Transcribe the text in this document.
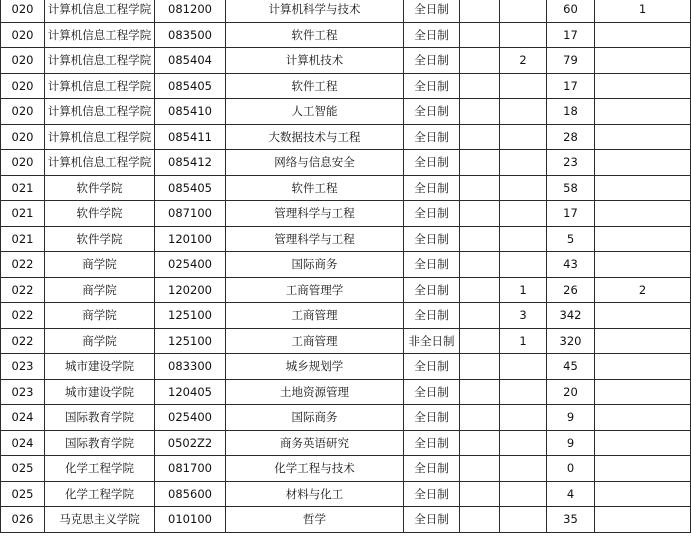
020	计算机信息工程学院	081200	计算机科学与技术	全日制			60	1
020	计算机信息工程学院	083500	软件工程	全日制			17	
020	计算机信息工程学院	085404	计算机技术	全日制		2	79	
020	计算机信息工程学院	085405	软件工程	全日制			17	
020	计算机信息工程学院	085410	人工智能	全日制			18	
020	计算机信息工程学院	085411	大数据技术与工程	全日制			28	
020	计算机信息工程学院	085412	网络与信息安全	全日制			23	
021	软件学院	085405	软件工程	全日制			58	
021	软件学院	087100	管理科学与工程	全日制			17	
021	软件学院	120100	管理科学与工程	全日制			5	
022	商学院	025400	国际商务	全日制			43	
022	商学院	120200	工商管理学	全日制		1	26	2
022	商学院	125100	工商管理	全日制		3	342	
022	商学院	125100	工商管理	非全日制		1	320	
023	城市建设学院	083300	城乡规划学	全日制			45	
023	城市建设学院	120405	土地资源管理	全日制			20	
024	国际教育学院	025400	国际商务	全日制			9	
024	国际教育学院	0502Z2	商务英语研究	全日制			9	
025	化学工程学院	081700	化学工程与技术	全日制			0	
025	化学工程学院	085600	材料与化工	全日制			4	
026	马克思主义学院	010100	哲学	全日制			35	
